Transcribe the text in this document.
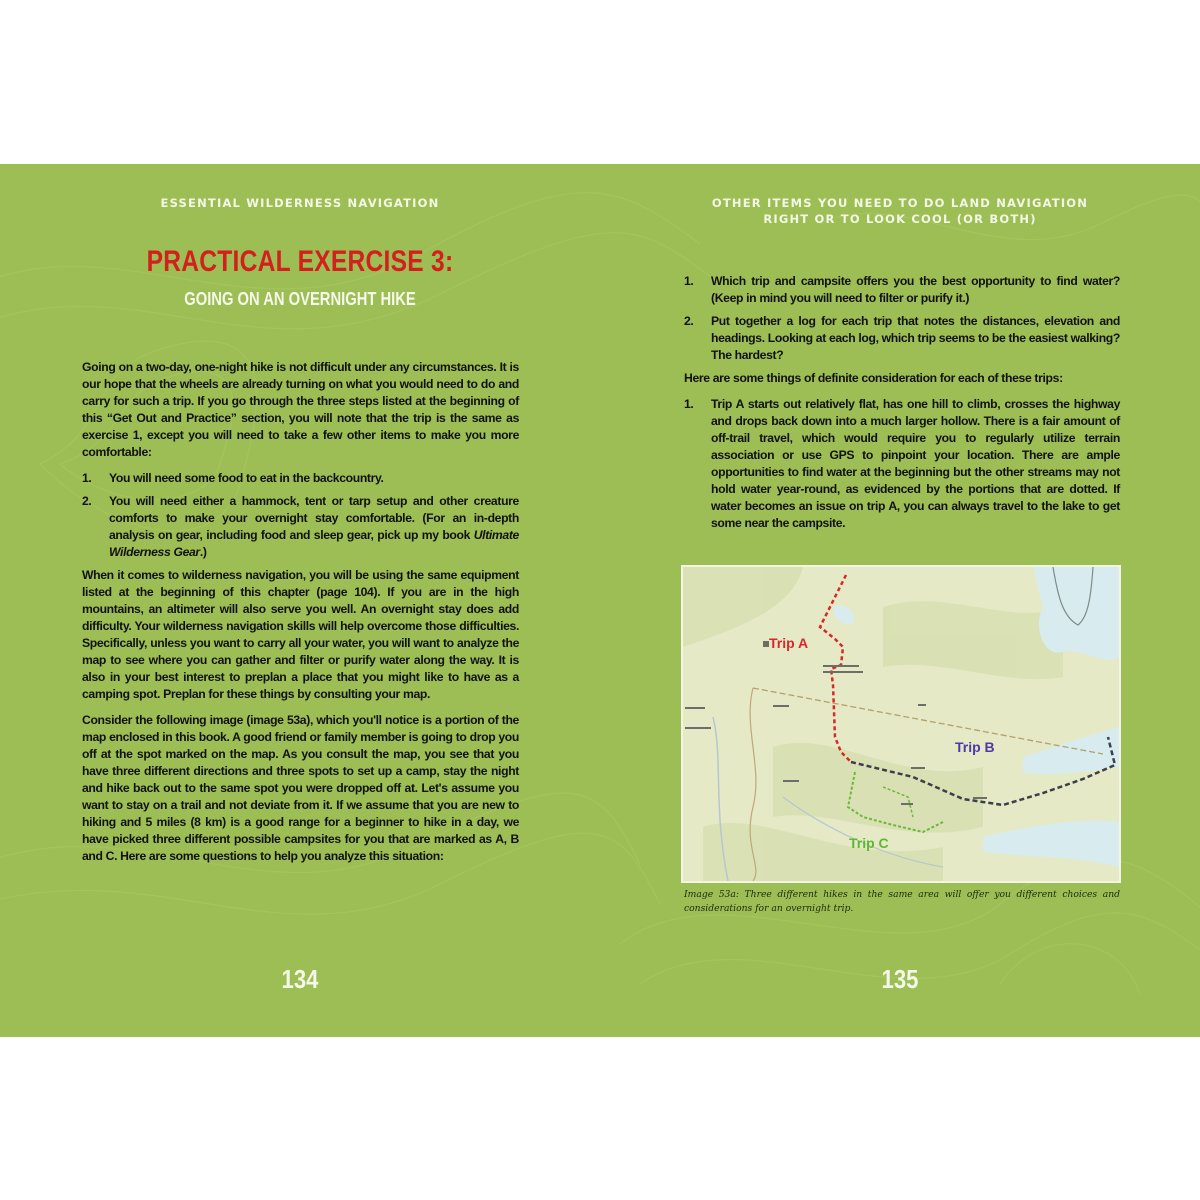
ESSENTIAL WILDERNESS NAVIGATION
PRACTICAL EXERCISE 3:
GOING ON AN OVERNIGHT HIKE

Going on a two-day, one-night hike is not difficult under any circumstances. It is our hope that the wheels are already turning on what you would need to do and carry for such a trip. If you go through the three steps listed at the beginning of this “Get Out and Practice” section, you will note that the trip is the same as exercise 1, except you will need to take a few other items to make you more comfortable:

1.	You will need some food to eat in the backcountry.
2.	You will need either a hammock, tent or tarp setup and other creature comforts to make your overnight stay comfortable. (For an in-depth analysis on gear, including food and sleep gear, pick up my book Ultimate Wilderness Gear.)

When it comes to wilderness navigation, you will be using the same equipment listed at the beginning of this chapter (page 104). If you are in the high mountains, an altimeter will also serve you well. An overnight stay does add difficulty. Your wilderness navigation skills will help overcome those difficulties. Specifically, unless you want to carry all your water, you will want to analyze the map to see where you can gather and filter or purify water along the way. It is also in your best interest to preplan a place that you might like to have as a camping spot. Preplan for these things by consulting your map.

Consider the following image (image 53a), which you'll notice is a portion of the map enclosed in this book. A good friend or family member is going to drop you off at the spot marked on the map. As you consult the map, you see that you have three different directions and three spots to set up a camp, stay the night and hike back out to the same spot you were dropped off at. Let's assume you want to stay on a trail and not deviate from it. If we assume that you are new to hiking and 5 miles (8 km) is a good range for a beginner to hike in a day, we have picked three different possible campsites for you that are marked as A, B and C. Here are some questions to help you analyze this situation:

134
OTHER ITEMS YOU NEED TO DO LAND NAVIGATION
RIGHT OR TO LOOK COOL (OR BOTH)
1.	Which trip and campsite offers you the best opportunity to find water? (Keep in mind you will need to filter or purify it.)
2.	Put together a log for each trip that notes the distances, elevation and headings. Looking at each log, which trip seems to be the easiest walking? The hardest?

Here are some things of definite consideration for each of these trips:

1.	Trip A starts out relatively flat, has one hill to climb, crosses the highway and drops back down into a much larger hollow. There is a fair amount of off-trail travel, which would require you to regularly utilize terrain association or use GPS to pinpoint your location. There are ample opportunities to find water at the beginning but the other streams may not hold water year-round, as evidenced by the portions that are dotted. If water becomes an issue on trip A, you can always travel to the lake to get some near the campsite.
Trip A
Trip B
Trip C
Image 53a: Three different hikes in the same area will offer you different choices and considerations for an overnight trip.
135
